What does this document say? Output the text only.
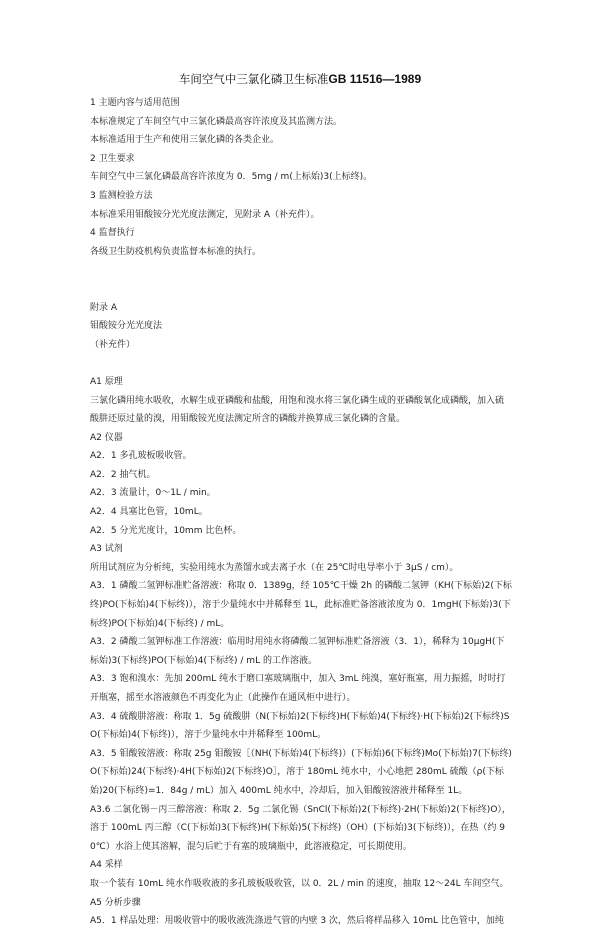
车间空气中三氯化磷卫生标准GB 11516—1989

1 主题内容与适用范围

本标准规定了车间空气中三氯化磷最高容许浓度及其监测方法。

本标准适用于生产和使用三氯化磷的各类企业。

2 卫生要求

车间空气中三氯化磷最高容许浓度为 0．5mg / m(上标始)3(上标终)。

3 监测检验方法

本标准采用钼酸铵分光光度法测定，见附录 A（补充件）。

4 监督执行

各级卫生防疫机构负责监督本标准的执行。

附录 A

钼酸铵分光光度法

（补充件）

A1 原理

三氯化磷用纯水吸收，水解生成亚磷酸和盐酸，用饱和溴水将三氯化磷生成的亚磷酸氧化成磷酸，加入硫酸肼还原过量的溴，用钼酸铵光度法测定所含的磷酸并换算成三氯化磷的含量。

A2 仪器

A2．1 多孔玻板吸收管。

A2．2 抽气机。

A2．3 流量计，0～1L / min。

A2．4 具塞比色管，10mL。

A2．5 分光光度计，10mm 比色杯。

A3 试剂

所用试剂应为分析纯，实验用纯水为蒸馏水或去离子水（在 25℃时电导率小于 3μS / cm）。

A3．1 磷酸二氢钾标准贮备溶液：称取 0．1389g，经 105℃干燥 2h 的磷酸二氢钾（KH(下标始)2(下标终)PO(下标始)4(下标终)），溶于少量纯水中并稀释至 1L，此标准贮备溶液浓度为 0．1mgH(下标始)3(下标终)PO(下标始)4(下标终) / mL。

A3．2 磷酸二氢钾标准工作溶液：临用时用纯水将磷酸二氢钾标准贮备溶液（3．1），稀释为 10μgH(下标始)3(下标终)PO(下标始)4(下标终) / mL 的工作溶液。

A3．3 饱和溴水：先加 200mL 纯水于磨口塞玻璃瓶中，加入 3mL 纯溴，塞好瓶塞，用力振摇，时时打开瓶塞，摇至水溶液颜色不再变化为止（此操作在通风柜中进行）。

A3．4 硫酸肼溶液：称取 1．5g 硫酸肼（N(下标始)2(下标终)H(下标始)4(下标终)·H(下标始)2(下标终)SO(下标始)4(下标终)），溶于少量纯水中并稀释至 100mL。

A3．5 钼酸铵溶液：称取 25g 钼酸铵［（NH(下标始)4(下标终)）(下标始)6(下标终)Mo(下标始)7(下标终)O(下标始)24(下标终)·4H(下标始)2(下标终)O］，溶于 180mL 纯水中，小心地把 280mL 硫酸（ρ(下标始)20(下标终)=1．84g / mL）加入 400mL 纯水中，冷却后，加入钼酸铵溶液并稀释至 1L。

A3.6 二氯化锡－丙三醇溶液：称取 2．5g 二氯化锡（SnCl(下标始)2(下标终)·2H(下标始)2(下标终)O），溶于 100mL 丙三醇（C(下标始)3(下标终)H(下标始)5(下标终)（OH）(下标始)3(下标终)），在热（约 90℃）水浴上使其溶解，混匀后贮于有塞的玻璃瓶中，此溶液稳定，可长期使用。

A4 采样

取一个装有 10mL 纯水作吸收液的多孔玻板吸收管，以 0．2L / min 的速度，抽取 12～24L 车间空气。

A5 分析步骤

A5．1 样品处理：用吸收管中的吸收液洗涤进气管的内壁 3 次，然后将样品移入 10mL 比色管中，加纯
